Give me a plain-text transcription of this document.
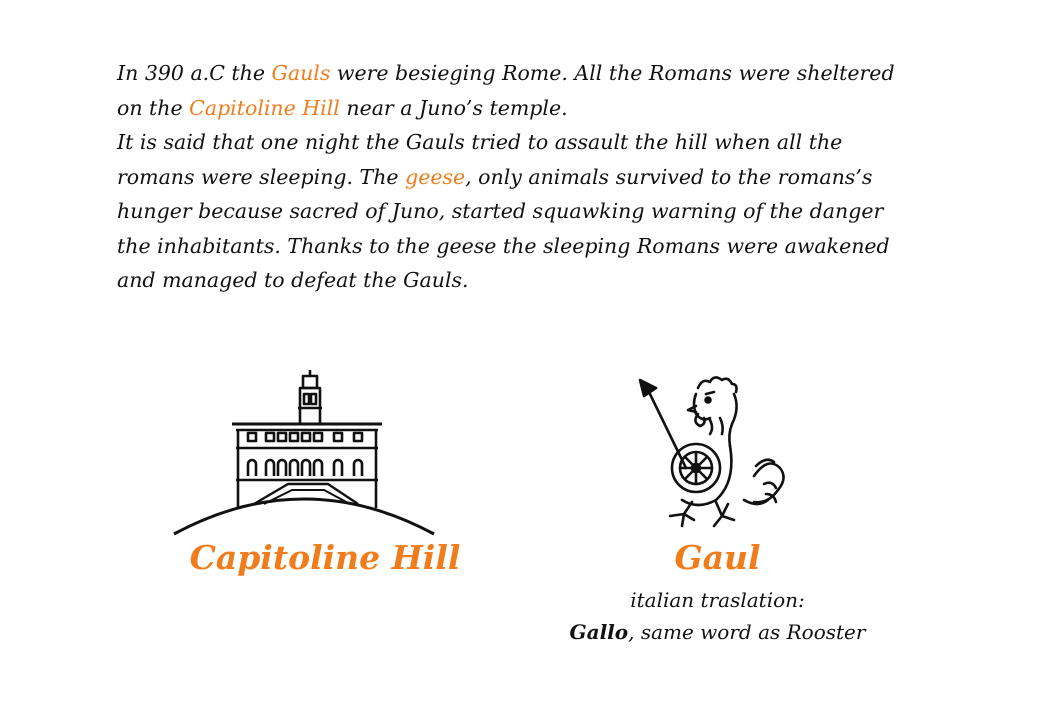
In 390 a.C the Gauls were besieging Rome. All the Romans were sheltered
on the Capitoline Hill near a Juno’s temple.
It is said that one night the Gauls tried to assault the hill when all the
romans were sleeping. The geese, only animals survived to the romans’s
hunger because sacred of Juno, started squawking warning of the danger
the inhabitants. Thanks to the geese the sleeping Romans were awakened
and managed to defeat the Gauls.
Capitoline Hill	Gaul
italian traslation:
Gallo, same word as Rooster
